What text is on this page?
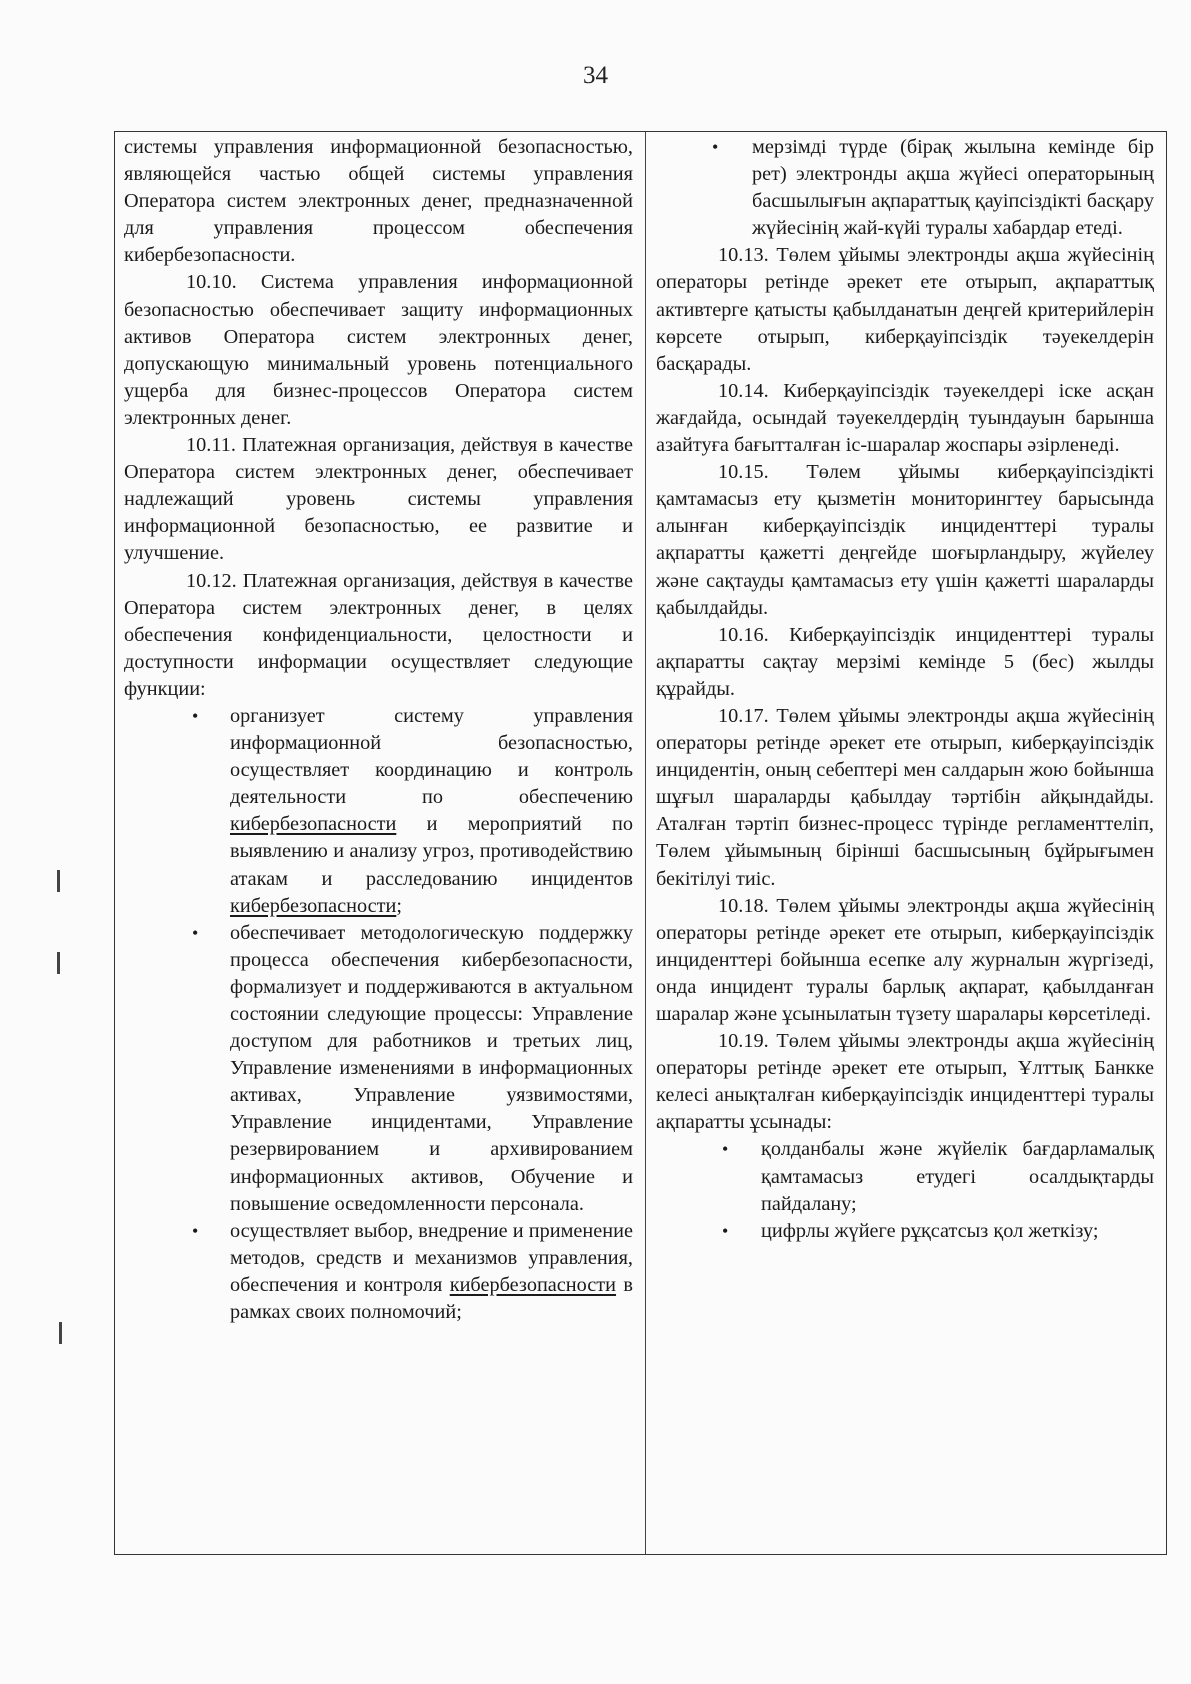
34

системы управления информационной безопасностью, являющейся частью общей системы управления Оператора систем электронных денег, предназначенной для управления процессом обеспечения кибербезопасности.

10.10. Система управления информационной безопасностью обеспечивает защиту информационных активов Оператора систем электронных денег, допускающую минимальный уровень потенциального ущерба для бизнес-процессов Оператора систем электронных денег.

10.11. Платежная организация, действуя в качестве Оператора систем электронных денег, обеспечивает надлежащий уровень системы управления информационной безопасностью, ее развитие и улучшение.

10.12. Платежная организация, действуя в качестве Оператора систем электронных денег, в целях обеспечения конфиденциальности, целостности и доступности информации осуществляет следующие функции:

• организует систему управления информационной безопасностью, осуществляет координацию и контроль деятельности по обеспечению кибербезопасности и мероприятий по выявлению и анализу угроз, противодействию атакам и расследованию инцидентов кибербезопасности;
• обеспечивает методологическую поддержку процесса обеспечения кибербезопасности, формализует и поддерживаются в актуальном состоянии следующие процессы: Управление доступом для работников и третьих лиц, Управление изменениями в информационных активах, Управление уязвимостями, Управление инцидентами, Управление резервированием и архивированием информационных активов, Обучение и повышение осведомленности персонала.
• осуществляет выбор, внедрение и применение методов, средств и механизмов управления, обеспечения и контроля кибербезопасности в рамках своих полномочий;
• мерзімді түрде (бірақ жылына кемінде бір рет) электронды ақша жүйесі операторының басшылығын ақпараттық қауіпсіздікті басқару жүйесінің жай-күйі туралы хабардар етеді.

10.13. Төлем ұйымы электронды ақша жүйесінің операторы ретінде әрекет ете отырып, ақпараттық активтерге қатысты қабылданатын деңгей критерийлерін көрсете отырып, киберқауіпсіздік тәуекелдерін басқарады.

10.14. Киберқауіпсіздік тәуекелдері іске асқан жағдайда, осындай тәуекелдердің туындауын барынша азайтуға бағытталған іс-шаралар жоспары әзірленеді.

10.15. Төлем ұйымы киберқауіпсіздікті қамтамасыз ету қызметін мониторингтеу барысында алынған киберқауіпсіздік инциденттері туралы ақпаратты қажетті деңгейде шоғырландыру, жүйелеу және сақтауды қамтамасыз ету үшін қажетті шараларды қабылдайды.

10.16. Киберқауіпсіздік инциденттері туралы ақпаратты сақтау мерзімі кемінде 5 (бес) жылды құрайды.

10.17. Төлем ұйымы электронды ақша жүйесінің операторы ретінде әрекет ете отырып, киберқауіпсіздік инцидентін, оның себептері мен салдарын жою бойынша шұғыл шараларды қабылдау тәртібін айқындайды. Аталған тәртіп бизнес-процесс түрінде регламенттеліп, Төлем ұйымының бірінші басшысының бұйрығымен бекітілуі тиіс.

10.18. Төлем ұйымы электронды ақша жүйесінің операторы ретінде әрекет ете отырып, киберқауіпсіздік инциденттері бойынша есепке алу журналын жүргізеді, онда инцидент туралы барлық ақпарат, қабылданған шаралар және ұсынылатын түзету шаралары көрсетіледі.

10.19. Төлем ұйымы электронды ақша жүйесінің операторы ретінде әрекет ете отырып, Ұлттық Банкке келесі анықталған киберқауіпсіздік инциденттері туралы ақпаратты ұсынады:

• қолданбалы және жүйелік бағдарламалық қамтамасыз етудегі осалдықтарды пайдалану;
• цифрлы жүйеге рұқсатсыз қол жеткізу;
